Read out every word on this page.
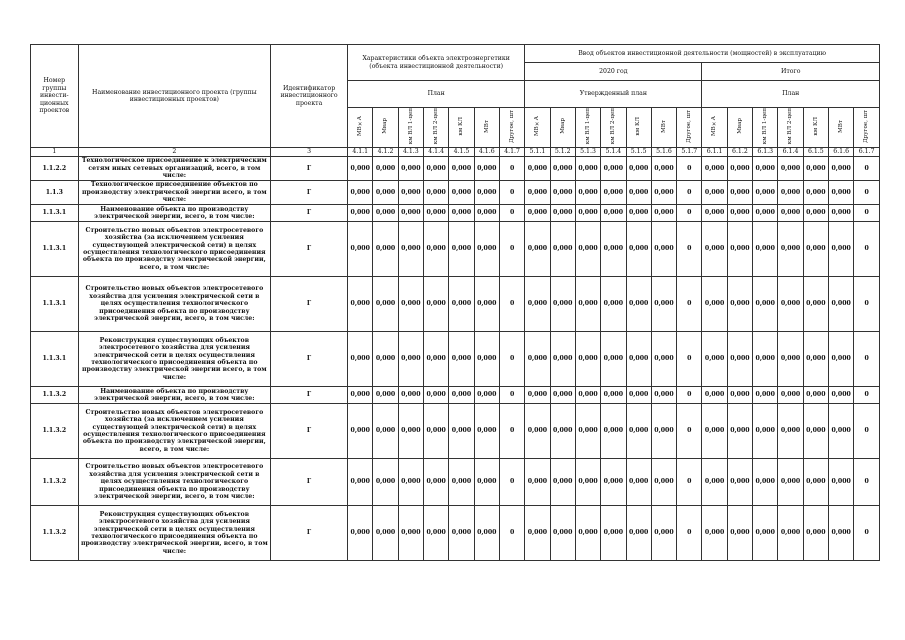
Номер группы инвести-ционных проектов	Наименование инвестиционного проекта (группы инвестиционных проектов)	Идентификатор инвестиционного проекта	Характеристики объекта электроэнергетики (объекта инвестиционной деятельности)							Ввод объектов инвестиционной деятельности (мощностей) в эксплуатацию													
										2020 год							Итого						
			План							Утвержденный план							План						
			МВ×А	Мвар	км ВЛ 1-цеп	км ВЛ 2-цеп	км КЛ	МВт	Другое, шт	МВ×А	Мвар	км ВЛ 1-цеп	км ВЛ 2-цеп	км КЛ	МВт	Другое, шт	МВ×А	Мвар	км ВЛ 1-цеп	км ВЛ 2-цеп	км КЛ	МВт	Другое, шт
1	2	3	4.1.1	4.1.2	4.1.3	4.1.4	4.1.5	4.1.6	4.1.7	5.1.1	5.1.2	5.1.3	5.1.4	5.1.5	5.1.6	5.1.7	6.1.1	6.1.2	6.1.3	6.1.4	6.1.5	6.1.6	6.1.7
1.1.2.2	Технологическое присоединение к электрическим сетям иных сетевых организаций, всего, в том числе:	Г	0,000	0,000	0,000	0,000	0,000	0,000	0	0,000	0,000	0,000	0,000	0,000	0,000	0	0,000	0,000	0,000	0,000	0,000	0,000	0
1.1.3	Технологическое присоединение объектов по производству электрической энергии всего, в том числе:	Г	0,000	0,000	0,000	0,000	0,000	0,000	0	0,000	0,000	0,000	0,000	0,000	0,000	0	0,000	0,000	0,000	0,000	0,000	0,000	0
1.1.3.1	Наименование объекта по производству электрической энергии, всего, в том числе:	Г	0,000	0,000	0,000	0,000	0,000	0,000	0	0,000	0,000	0,000	0,000	0,000	0,000	0	0,000	0,000	0,000	0,000	0,000	0,000	0
1.1.3.1	Строительство новых объектов электросетевого хозяйства (за исключением усиления существующей электрической сети) в целях осуществления технологического присоединения объекта по производству электрической энергии, всего, в том числе:	Г	0,000	0,000	0,000	0,000	0,000	0,000	0	0,000	0,000	0,000	0,000	0,000	0,000	0	0,000	0,000	0,000	0,000	0,000	0,000	0
1.1.3.1	Строительство новых объектов электросетевого хозяйства для усиления электрической сети в целях осуществления технологического присоединения объекта по производству электрической энергии, всего, в том числе:	Г	0,000	0,000	0,000	0,000	0,000	0,000	0	0,000	0,000	0,000	0,000	0,000	0,000	0	0,000	0,000	0,000	0,000	0,000	0,000	0
1.1.3.1	Реконструкция существующих объектов электросетевого хозяйства для усиления электрической сети в целях осуществления технологического присоединения объекта по производству электрической энергии всего, в том числе:	Г	0,000	0,000	0,000	0,000	0,000	0,000	0	0,000	0,000	0,000	0,000	0,000	0,000	0	0,000	0,000	0,000	0,000	0,000	0,000	0
1.1.3.2	Наименование объекта по производству электрической энергии, всего, в том числе:	Г	0,000	0,000	0,000	0,000	0,000	0,000	0	0,000	0,000	0,000	0,000	0,000	0,000	0	0,000	0,000	0,000	0,000	0,000	0,000	0
1.1.3.2	Строительство новых объектов электросетевого хозяйства (за исключением усиления существующей электрической сети) в целях осуществления технологического присоединения объекта по производству электрической энергии, всего, в том числе:	Г	0,000	0,000	0,000	0,000	0,000	0,000	0	0,000	0,000	0,000	0,000	0,000	0,000	0	0,000	0,000	0,000	0,000	0,000	0,000	0
1.1.3.2	Строительство новых объектов электросетевого хозяйства для усиления электрической сети в целях осуществления технологического присоединения объекта по производству электрической энергии, всего, в том числе:	Г	0,000	0,000	0,000	0,000	0,000	0,000	0	0,000	0,000	0,000	0,000	0,000	0,000	0	0,000	0,000	0,000	0,000	0,000	0,000	0
1.1.3.2	Реконструкция существующих объектов электросетевого хозяйства для усиления электрической сети в целях осуществления технологического присоединения объекта по производству электрической энергии, всего, в том числе:	Г	0,000	0,000	0,000	0,000	0,000	0,000	0	0,000	0,000	0,000	0,000	0,000	0,000	0	0,000	0,000	0,000	0,000	0,000	0,000	0
